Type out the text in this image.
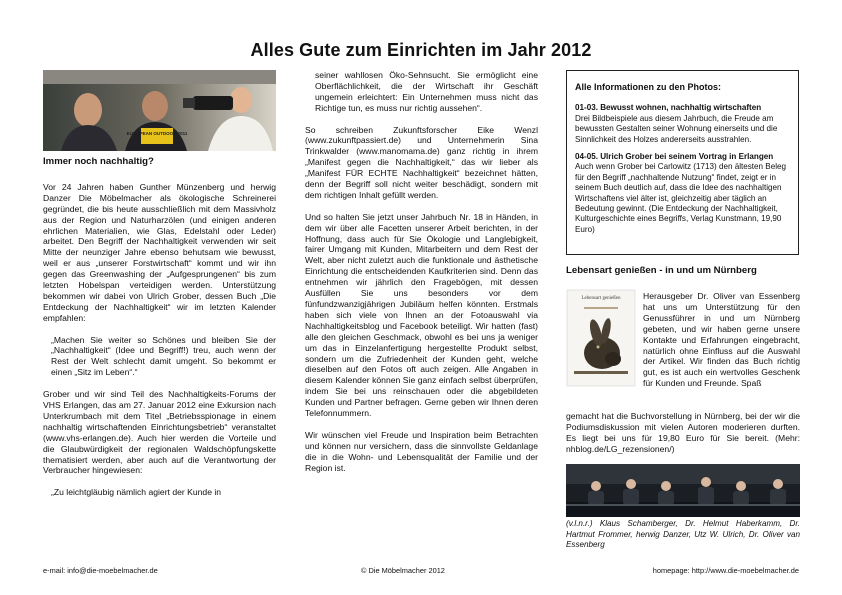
Alles Gute zum Einrichten im Jahr 2012
EUROPEAN OUTDOOR 2011

Immer noch nachhaltig?

Vor 24 Jahren haben Gunther Münzenberg und herwig Danzer Die Möbelmacher als ökologische Schreinerei gegründet, die bis heute ausschließlich mit dem Massivholz aus der Region und Naturharzölen (und einigen anderen ehrlichen Materialien, wie Glas, Edelstahl oder Leder) arbeitet. Den Begriff der Nachhaltigkeit verwenden wir seit Mitte der neunziger Jahre ebenso behutsam wie bewusst, weil er aus „unserer Forstwirtschaft“ kommt und wir ihn gegen das Greenwashing der „Aufgesprungenen“ bis zum letzten Hobelspan verteidigen werden. Unterstützung bekommen wir dabei von Ulrich Grober, dessen Buch „Die Entdeckung der Nachhaltigkeit“ wir im letzten Kalender empfahlen:

„Machen Sie weiter so Schönes und bleiben Sie der „Nachhaltigkeit“ (Idee und Begriff!) treu, auch wenn der Rest der Welt schlecht damit umgeht. So bekommt er einen „Sitz im Leben“.“

Grober und wir sind Teil des Nachhaltigkeits-Forums der VHS Erlangen, das am 27. Januar 2012 eine Exkursion nach Unterkrumbach mit dem Titel „Betriebsspionage in einem nachhaltig wirtschaftenden Einrichtungsbetrieb“ veranstaltet (www.vhs-erlangen.de). Auch hier werden die Vorteile und die Glaubwürdigkeit der regionalen Waldschöpfungskette thematisiert werden, aber auch auf die Verantwortung der Verbraucher hingewiesen:

„Zu leichtgläubig nämlich agiert der Kunde in

seiner wahllosen Öko-Sehnsucht. Sie ermöglicht eine Oberflächlichkeit, die der Wirtschaft ihr Geschäft ungemein erleichtert: Ein Unternehmen muss nicht das Richtige tun, es muss nur richtig aussehen“.

So schreiben Zukunftsforscher Eike Wenzl (www.zukunftpassiert.de) und Unternehmerin Sina Trinkwalder (www.manomama.de) ganz richtig in ihrem „Manifest gegen die Nachhaltigkeit,“ das wir lieber als „Manifest FÜR ECHTE Nachhaltigkeit“ bezeichnet hätten, denn der Begriff soll nicht weiter beschädigt, sondern mit dem richtigen Inhalt gefüllt werden.

Und so halten Sie jetzt unser Jahrbuch Nr. 18 in Händen, in dem wir über alle Facetten unserer Arbeit berichten, in der Hoffnung, dass auch für Sie Ökologie und Langlebigkeit, fairer Umgang mit Kunden, Mitarbeitern und dem Rest der Welt, aber nicht zuletzt auch die funktionale und ästhetische Einrichtung die entscheidenden Kaufkriterien sind. Denn das entnehmen wir jährlich den Fragebögen, mit dessen Ausfüllen Sie uns besonders vor dem fünfundzwanzigjährigen Jubiläum helfen könnten. Erstmals haben sich viele von Ihnen an der Fotoauswahl via Nachhaltigkeitsblog und Facebook beteiligt. Wir hatten (fast) alle den gleichen Geschmack, obwohl es bei uns ja weniger um das in Einzelanfertigung hergestellte Produkt selbst, sondern um die Zufriedenheit der Kunden geht, welche dieselben auf den Fotos oft auch zeigen. Alle Angaben in diesem Kalender können Sie ganz einfach selbst überprüfen, indem Sie bei uns reinschauen oder die abgebildeten Kunden und Partner befragen. Gerne geben wir Ihnen deren Telefonnummern.

Wir wünschen viel Freude und Inspiration beim Betrachten und können nur versichern, dass die sinnvollste Geldanlage die in die Wohn- und Lebensqualität der Familie und der Region ist.

Alle Informationen zu den Photos:

01-03. Bewusst wohnen, nachhaltig wirtschaften
Drei Bildbeispiele aus diesem Jahrbuch, die Freude am bewussten Gestalten seiner Wohnung einerseits und die Sinnlichkeit des Holzes andererseits ausstrahlen.

04-05. Ulrich Grober bei seinem Vortrag in Erlangen
Auch wenn Grober bei Carlowitz (1713) den ältesten Beleg für den Begriff „nachhaltende Nutzung“ findet, zeigt er in seinem Buch deutlich auf, dass die Idee des nachhaltigen Wirtschaftens viel älter ist, gleichzeitig aber täglich an Bedeutung gewinnt. (Die Entdeckung der Nachhaltigkeit, Kulturgeschichte eines Begriffs, Verlag Kunstmann, 19,90 Euro)

Lebensart genießen - in und um Nürnberg
Lebensart genießen	Herausgeber Dr. Oliver van Essenberg hat uns um Unterstützung für den Genussführer in und um Nürnberg gebeten, und wir haben gerne unsere Kontakte und Erfahrungen eingebracht, natürlich ohne Einfluss auf die Auswahl der Artikel. Wir finden das Buch richtig gut, es ist auch ein wertvolles Geschenk für Kunden und Freunde. Spaß
gemacht hat die Buchvorstellung in Nürnberg, bei der wir die Podiumsdiskussion mit vielen Autoren moderieren durften. Es liegt bei uns für 19,80 Euro für Sie bereit. (Mehr: nhblog.de/LG_rezensionen/)
(v.l.n.r.) Klaus Schamberger, Dr. Helmut Haberkamm, Dr. Hartmut Frommer, herwig Danzer, Utz W. Ulrich, Dr. Oliver van Essenberg
e-mail: info@die-moebelmacher.de	© Die Möbelmacher 2012	homepage: http://www.die-moebelmacher.de
